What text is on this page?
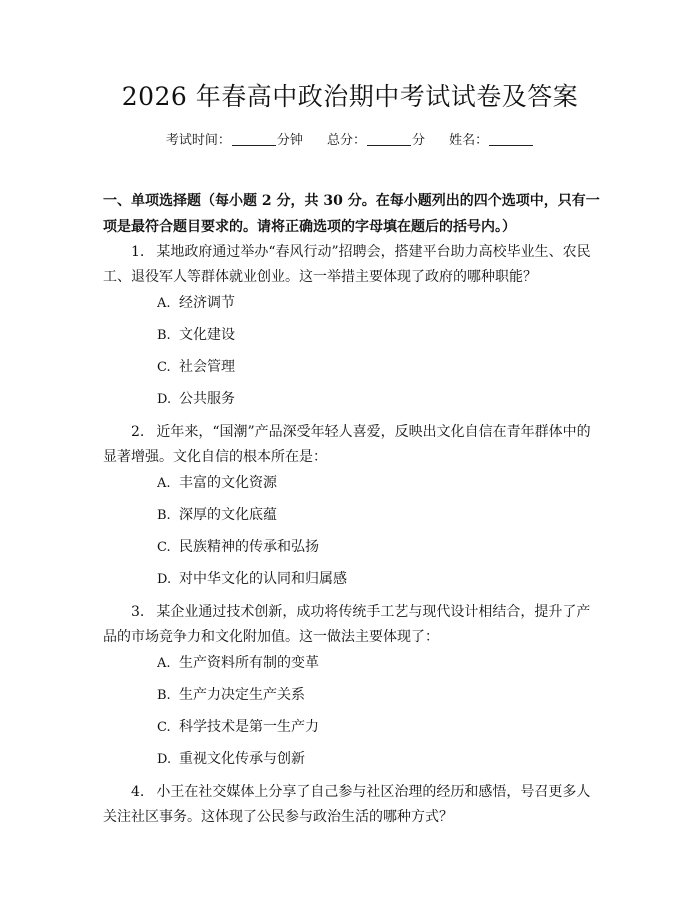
2026 年春高中政治期中考试试卷及答案
考试时间：	分钟 总分：	分 姓名：
一、单项选择题（每小题 2 分，共 30 分。在每小题列出的四个选项中，只有一项是最符合题目要求的。请将正确选项的字母填在题后的括号内。）
1. 某地政府通过举办“春风行动”招聘会，搭建平台助力高校毕业生、农民工、退役军人等群体就业创业。这一举措主要体现了政府的哪种职能？
A. 经济调节
B. 文化建设
C. 社会管理
D. 公共服务
2. 近年来，“国潮”产品深受年轻人喜爱，反映出文化自信在青年群体中的显著增强。文化自信的根本所在是：
A. 丰富的文化资源
B. 深厚的文化底蕴
C. 民族精神的传承和弘扬
D. 对中华文化的认同和归属感
3. 某企业通过技术创新，成功将传统手工艺与现代设计相结合，提升了产品的市场竞争力和文化附加值。这一做法主要体现了：
A. 生产资料所有制的变革
B. 生产力决定生产关系
C. 科学技术是第一生产力
D. 重视文化传承与创新
4. 小王在社交媒体上分享了自己参与社区治理的经历和感悟，号召更多人关注社区事务。这体现了公民参与政治生活的哪种方式？
